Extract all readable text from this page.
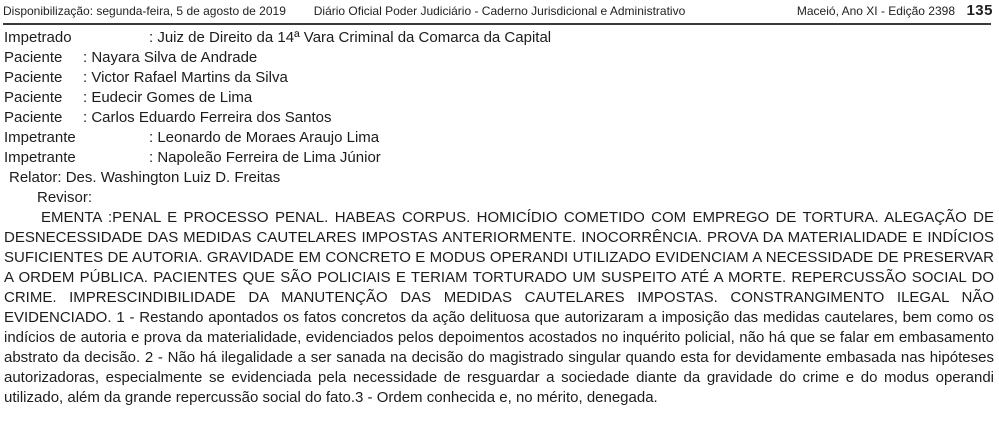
Disponibilização: segunda-feira, 5 de agosto de 2019	Diário Oficial Poder Judiciário - Caderno Jurisdicional e Administrativo	Maceió, Ano XI - Edição 2398 135
Impetrado	: Juiz de Direito da 14ª Vara Criminal da Comarca da Capital
Paciente : Nayara Silva de Andrade
Paciente : Victor Rafael Martins da Silva
Paciente : Eudecir Gomes de Lima
Paciente : Carlos Eduardo Ferreira dos Santos
Impetrante	: Leonardo de Moraes Araujo Lima
Impetrante	: Napoleão Ferreira de Lima Júnior
Relator: Des. Washington Luiz D. Freitas
Revisor:
EMENTA :PENAL E PROCESSO PENAL. HABEAS CORPUS. HOMICÍDIO COMETIDO COM EMPREGO DE TORTURA. ALEGAÇÃO DE DESNECESSIDADE DAS MEDIDAS CAUTELARES IMPOSTAS ANTERIORMENTE. INOCORRÊNCIA. PROVA DA MATERIALIDADE E INDÍCIOS SUFICIENTES DE AUTORIA. GRAVIDADE EM CONCRETO E MODUS OPERANDI UTILIZADO EVIDENCIAM A NECESSIDADE DE PRESERVAR A ORDEM PÚBLICA. PACIENTES QUE SÃO POLICIAIS E TERIAM TORTURADO UM SUSPEITO ATÉ A MORTE. REPERCUSSÃO SOCIAL DO CRIME. IMPRESCINDIBILIDADE DA MANUTENÇÃO DAS MEDIDAS CAUTELARES IMPOSTAS. CONSTRANGIMENTO ILEGAL NÃO EVIDENCIADO. 1 - Restando apontados os fatos concretos da ação delituosa que autorizaram a imposição das medidas cautelares, bem como os indícios de autoria e prova da materialidade, evidenciados pelos depoimentos acostados no inquérito policial, não há que se falar em embasamento abstrato da decisão. 2 - Não há ilegalidade a ser sanada na decisão do magistrado singular quando esta for devidamente embasada nas hipóteses autorizadoras, especialmente se evidenciada pela necessidade de resguardar a sociedade diante da gravidade do crime e do modus operandi utilizado, além da grande repercussão social do fato.3 - Ordem conhecida e, no mérito, denegada.
